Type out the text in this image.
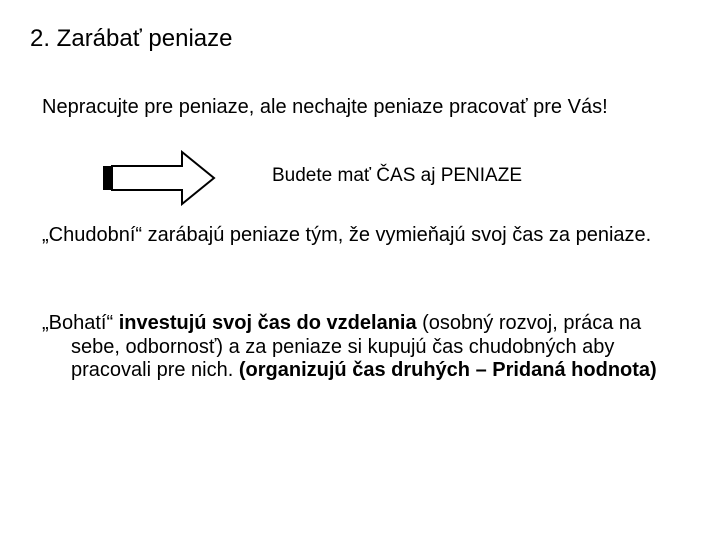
2. Zarábať peniaze
Nepracujte pre peniaze, ale nechajte peniaze pracovať pre Vás!
Budete mať ČAS aj PENIAZE
„Chudobní“ zarábajú peniaze tým, že vymieňajú svoj čas za peniaze.
„Bohatí“ investujú svoj čas do vzdelania (osobný rozvoj, práca na sebe, odbornosť) a za peniaze si kupujú čas chudobných aby pracovali pre nich. (organizujú čas druhých – Pridaná hodnota)
